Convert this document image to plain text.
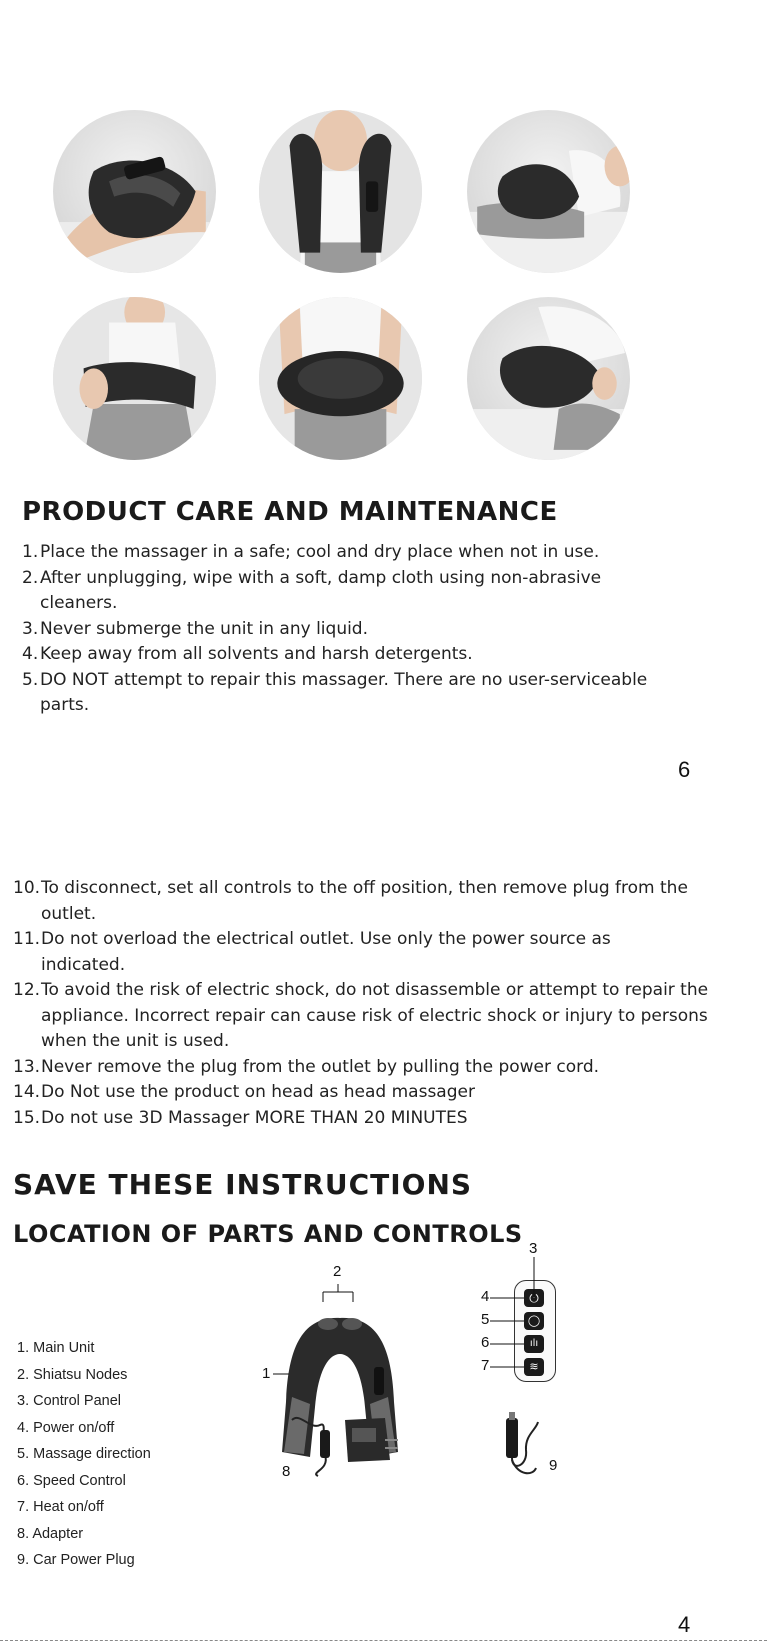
PRODUCT CARE AND MAINTENANCE
1. Place the massager in a safe; cool and dry place when not in use.
2. After unplugging, wipe with a soft, damp cloth using non-abrasive cleaners.
3. Never submerge the unit in any liquid.
4. Keep away from all solvents and harsh detergents.
5. DO NOT attempt to repair this massager. There are no user-serviceable parts.
6
10. To disconnect, set all controls to the off position, then remove plug from the outlet.
11. Do not overload the electrical outlet. Use only the power source as indicated.
12. To avoid the risk of electric shock, do not disassemble or attempt to repair the appliance. Incorrect repair can cause risk of electric shock or injury to persons when the unit is used.
13. Never remove the plug from the outlet by pulling the power cord.
14. Do Not use the product on head as head massager
15. Do not use 3D Massager MORE THAN 20 MINUTES
SAVE THESE INSTRUCTIONS
LOCATION OF PARTS AND CONTROLS
1. Main Unit
2. Shiatsu Nodes
3. Control Panel
4. Power on/off
5. Massage direction
6. Speed Control
7. Heat on/off
8. Adapter
9. Car Power Plug
2
1
⏻
◯
ılı
≋
3
4
5
6
7
8	9
4
